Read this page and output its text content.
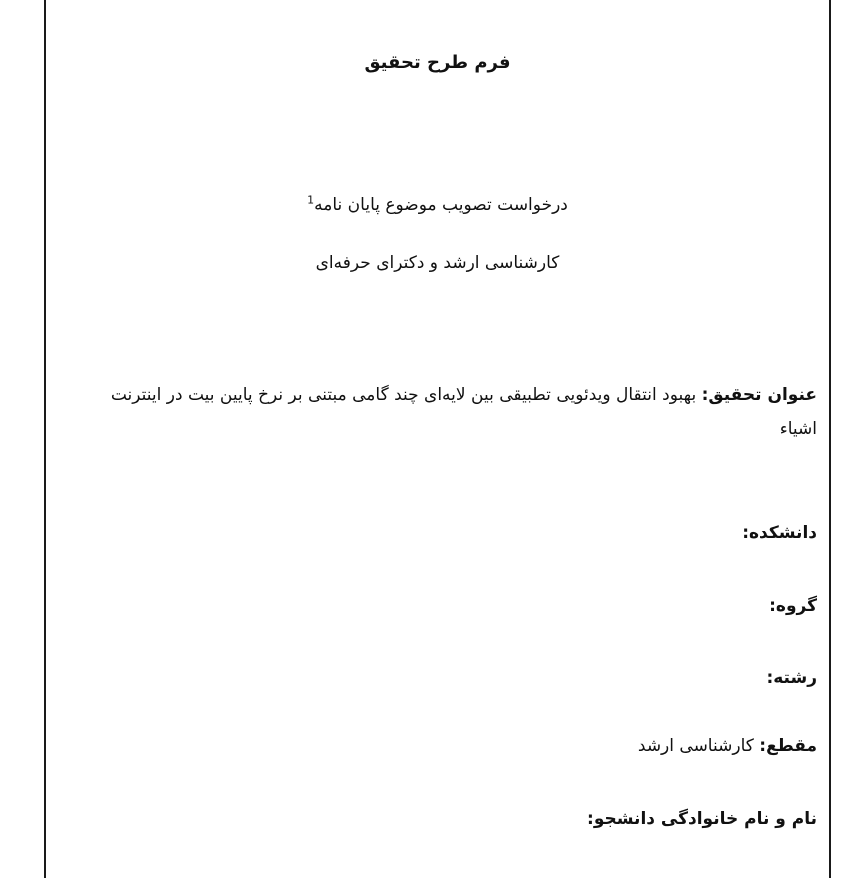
فرم طرح تحقیق
درخواست تصویب موضوع پایان نامه$^1$
کارشناسی ارشد و دکترای حرفه‌ای
عنوان تحقیق: بهبود انتقال ویدئویی تطبیقی بین لایه‌ای چند گامی مبتنی بر نرخ پایین بیت در اینترنت اشیاء
دانشکده:
گروه:
رشته:
مقطع: کارشناسی ارشد
نام و نام خانوادگی دانشجو:
